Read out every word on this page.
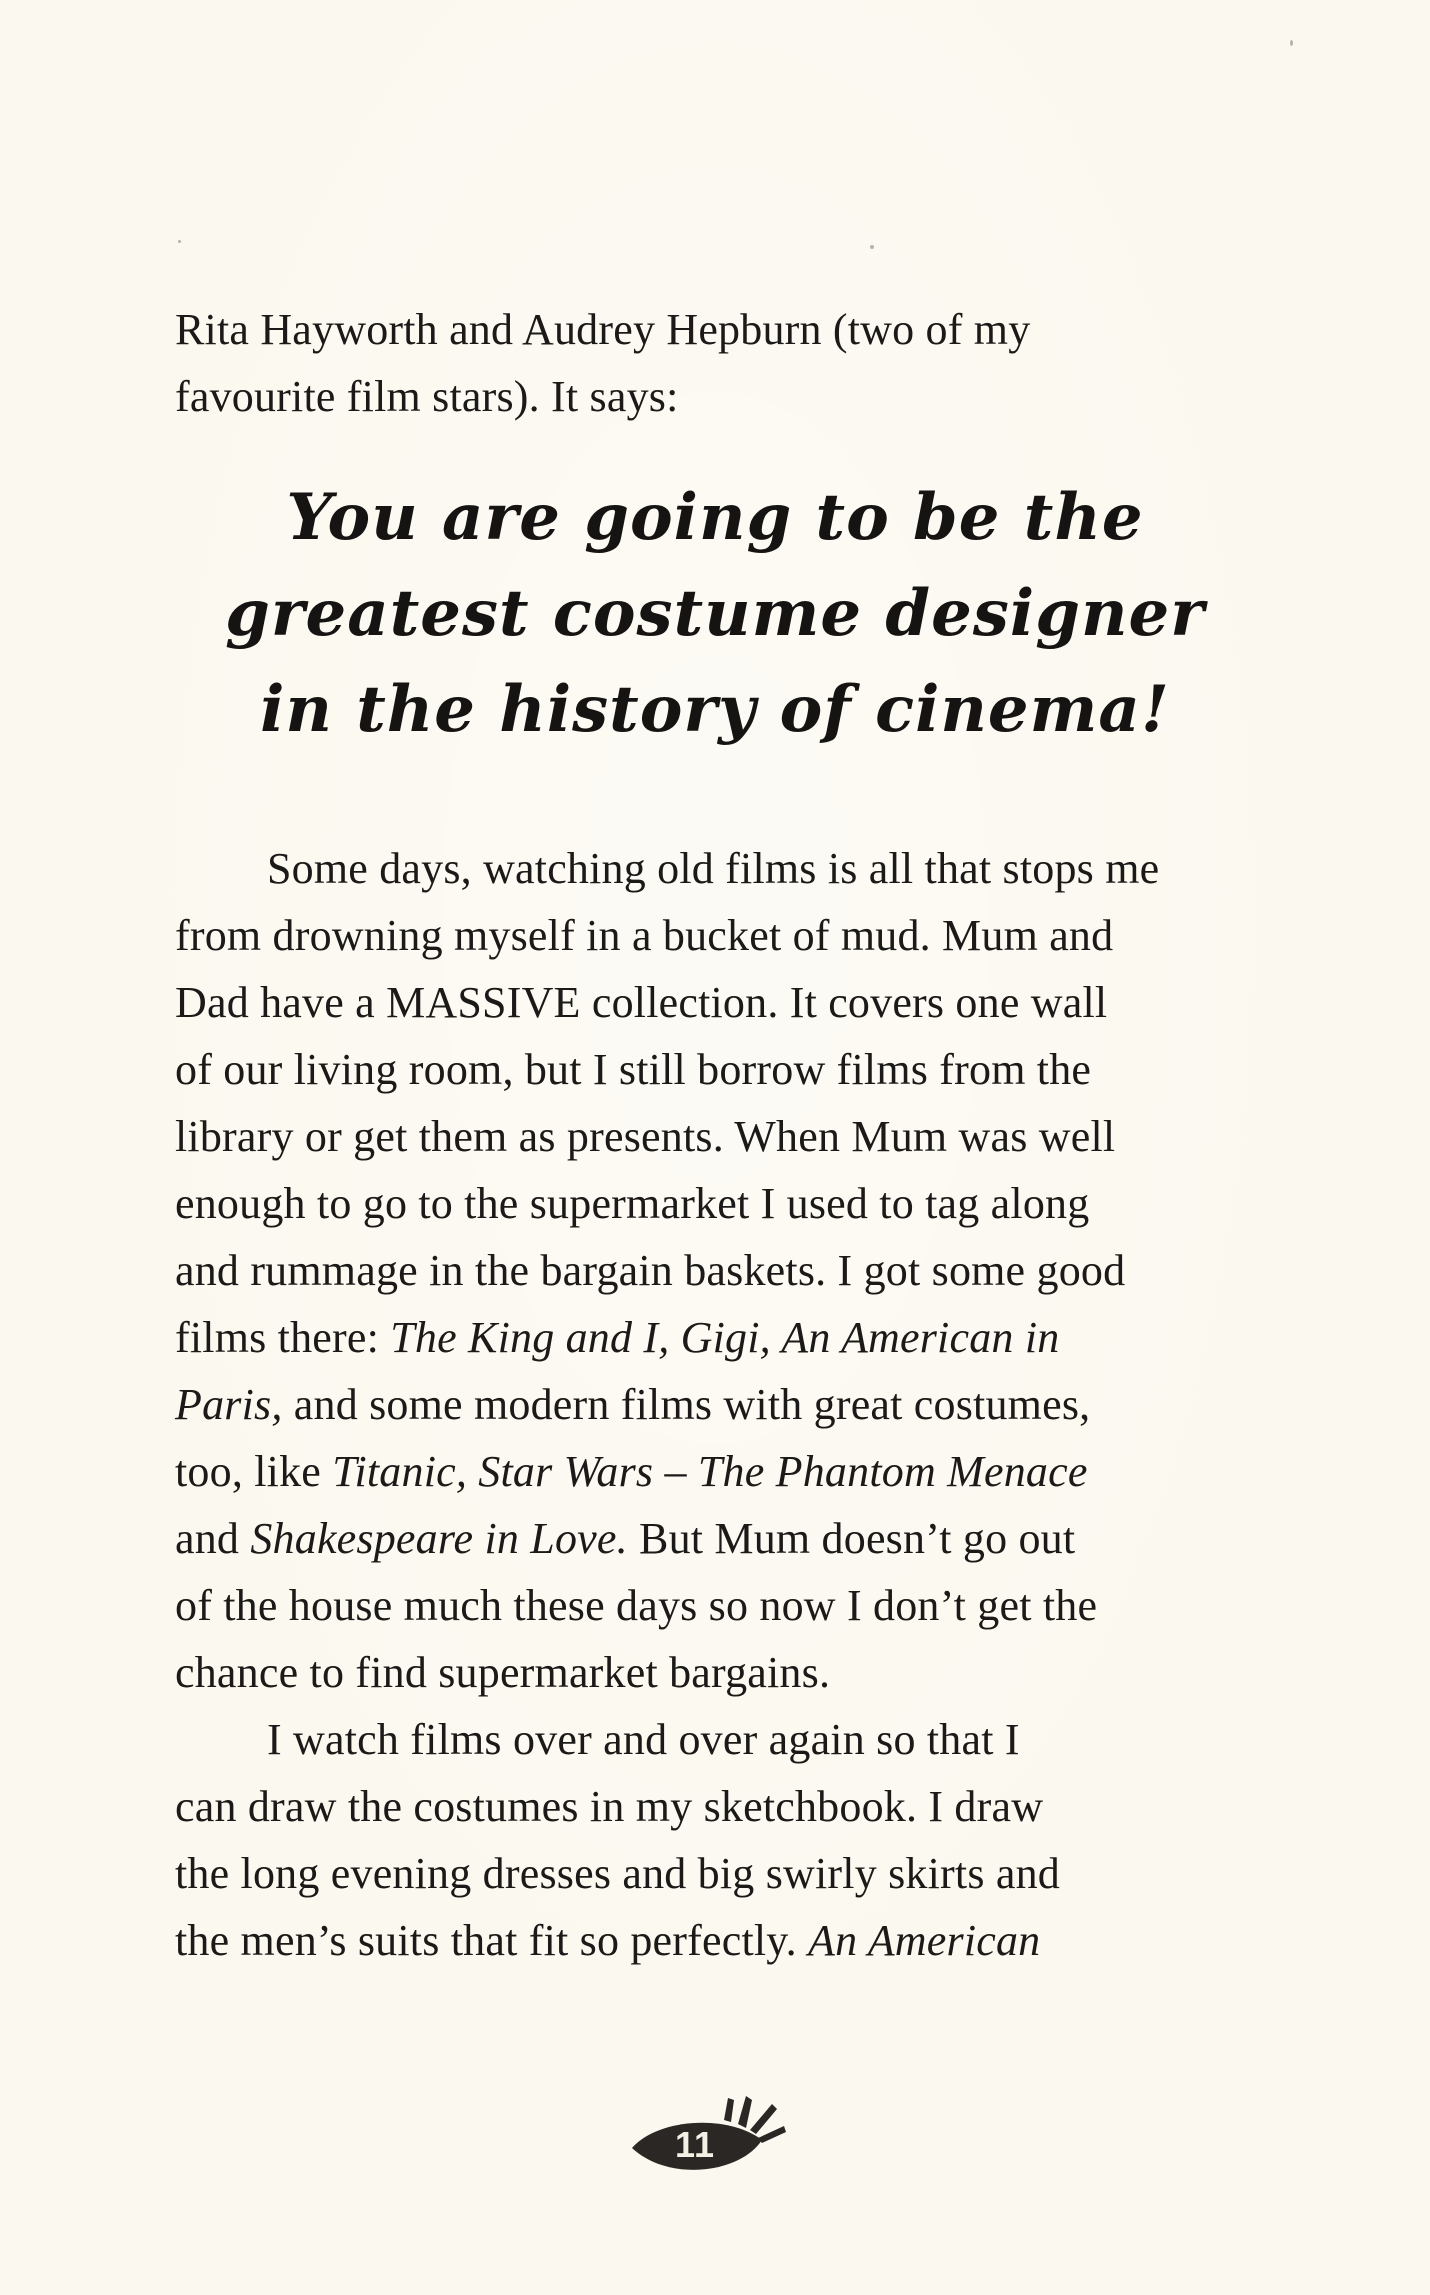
Rita Hayworth and Audrey Hepburn (two of my
favourite film stars). It says:
You are going to be the
greatest costume designer
in the history of cinema!
Some days, watching old films is all that stops me
from drowning myself in a bucket of mud. Mum and
Dad have a MASSIVE collection. It covers one wall
of our living room, but I still borrow films from the
library or get them as presents. When Mum was well
enough to go to the supermarket I used to tag along
and rummage in the bargain baskets. I got some good
films there: The King and I, Gigi, An American in
Paris, and some modern films with great costumes,
too, like Titanic, Star Wars – The Phantom Menace
and Shakespeare in Love. But Mum doesn’t go out
of the house much these days so now I don’t get the
chance to find supermarket bargains.
I watch films over and over again so that I
can draw the costumes in my sketchbook. I draw
the long evening dresses and big swirly skirts and
the men’s suits that fit so perfectly. An American
11
